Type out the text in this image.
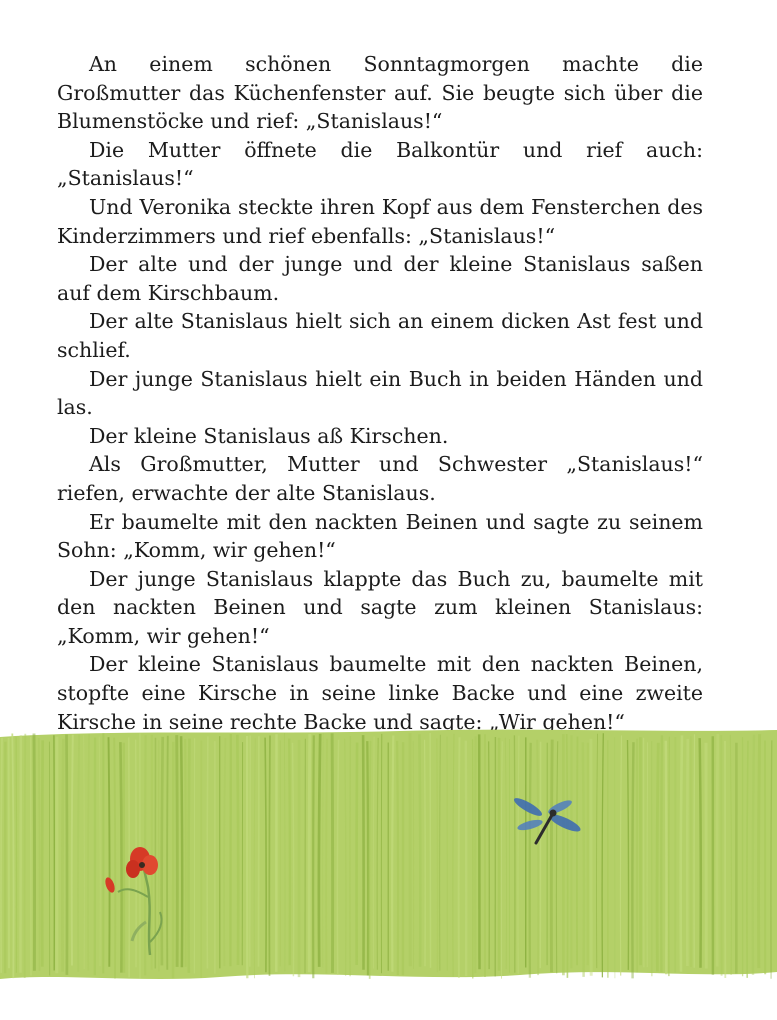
An einem schönen Sonntagmorgen machte die Großmutter das Küchenfenster auf. Sie beugte sich über die Blumenstöcke und rief: „Stanislaus!“

Die Mutter öffnete die Balkontür und rief auch: „Stanislaus!“

Und Veronika steckte ihren Kopf aus dem Fensterchen des Kinderzimmers und rief ebenfalls: „Stanislaus!“

Der alte und der junge und der kleine Stanislaus saßen auf dem Kirschbaum.

Der alte Stanislaus hielt sich an einem dicken Ast fest und schlief.

Der junge Stanislaus hielt ein Buch in beiden Händen und las.

Der kleine Stanislaus aß Kirschen.

Als Großmutter, Mutter und Schwester „Stanislaus!“ riefen, erwachte der alte Stanislaus.

Er baumelte mit den nackten Beinen und sagte zu seinem Sohn: „Komm, wir gehen!“

Der junge Stanislaus klappte das Buch zu, baumelte mit den nackten Beinen und sagte zum kleinen Stanislaus: „Komm, wir gehen!“

Der kleine Stanislaus baumelte mit den nackten Beinen, stopfte eine Kirsche in seine linke Backe und eine zweite Kirsche in seine rechte Backe und sagte: „Wir gehen!“
